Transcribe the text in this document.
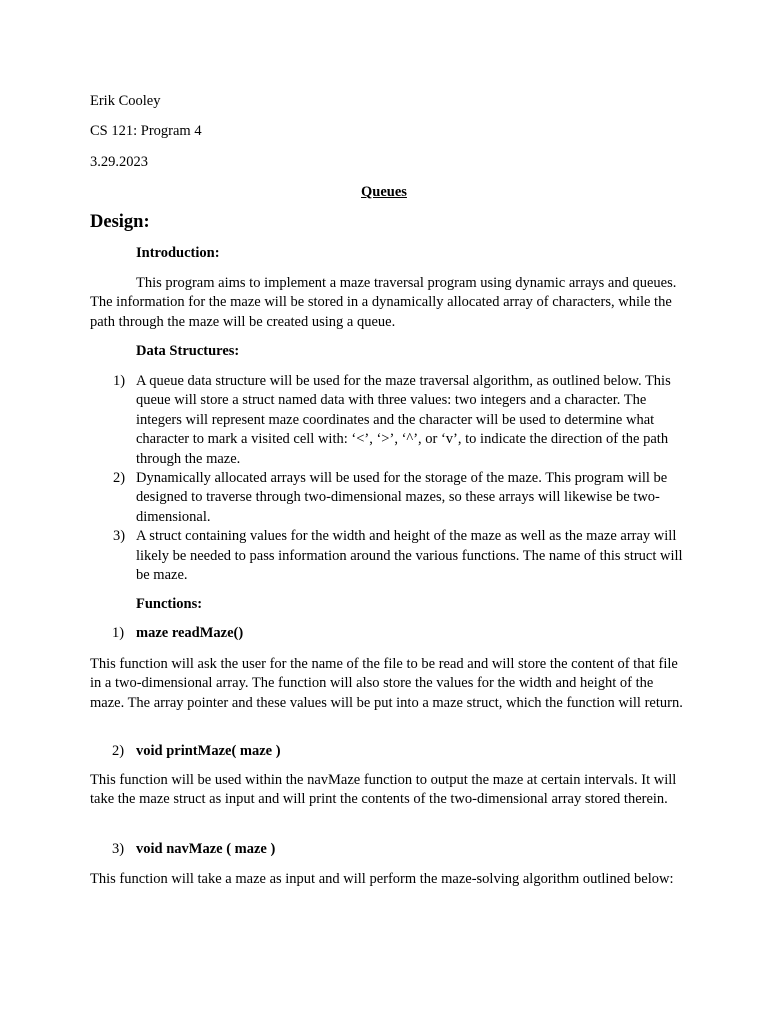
Erik Cooley
CS 121: Program 4
3.29.2023
Queues
Design:
Introduction:

This program aims to implement a maze traversal program using dynamic arrays and queues. The information for the maze will be stored in a dynamically allocated array of characters, while the path through the maze will be created using a queue.

Data Structures:
1) A queue data structure will be used for the maze traversal algorithm, as outlined below. This queue will store a struct named data with three values: two integers and a character. The integers will represent maze coordinates and the character will be used to determine what character to mark a visited cell with: ‘<’, ‘>’, ‘^’, or ‘v’, to indicate the direction of the path through the maze.
2) Dynamically allocated arrays will be used for the storage of the maze. This program will be designed to traverse through two-dimensional mazes, so these arrays will likewise be two-dimensional.
3) A struct containing values for the width and height of the maze as well as the maze array will likely be needed to pass information around the various functions. The name of this struct will be maze.
Functions:
1) maze readMaze()

This function will ask the user for the name of the file to be read and will store the content of that file in a two-dimensional array. The function will also store the values for the width and height of the maze. The array pointer and these values will be put into a maze struct, which the function will return.

2) void printMaze( maze )

This function will be used within the navMaze function to output the maze at certain intervals. It will take the maze struct as input and will print the contents of the two-dimensional array stored therein.

3) void navMaze ( maze )

This function will take a maze as input and will perform the maze-solving algorithm outlined below:
